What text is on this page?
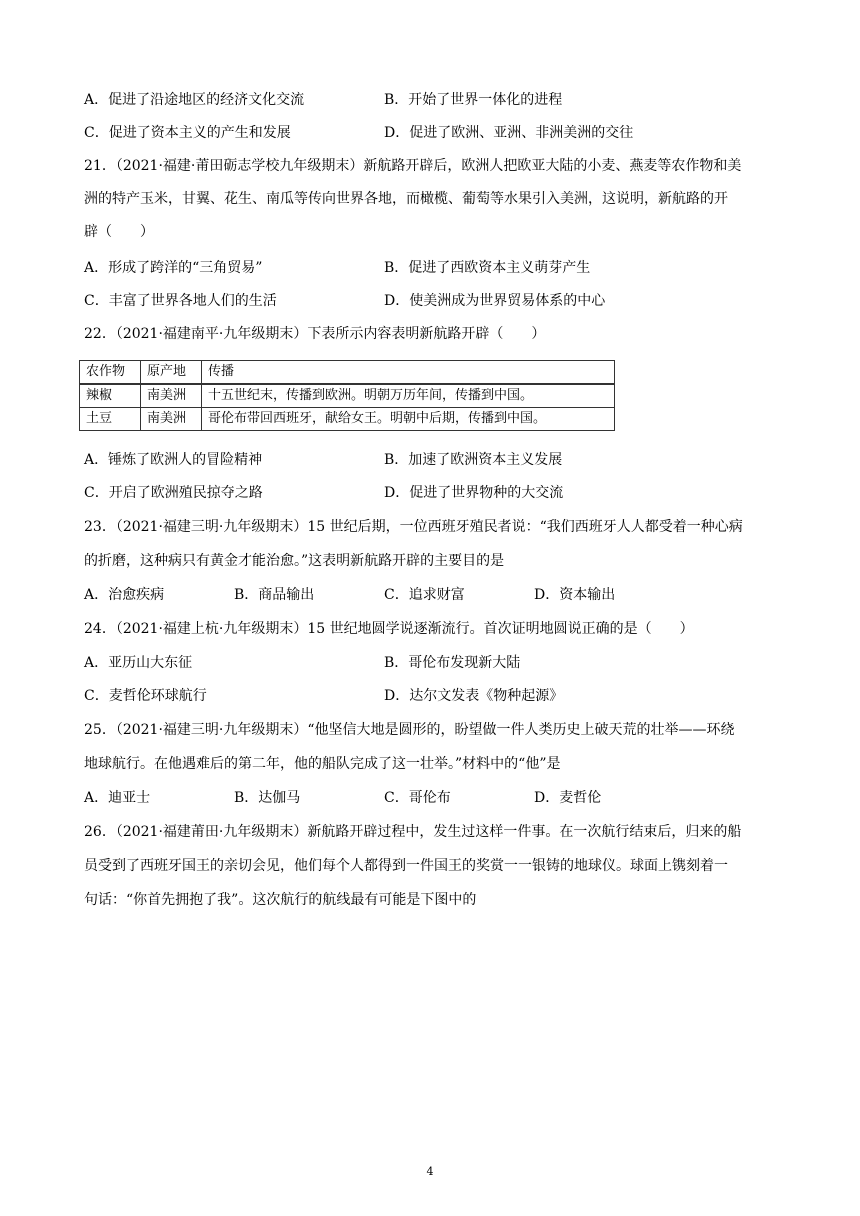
A．促进了沿途地区的经济文化交流	B．开始了世界一体化的进程
C．促进了资本主义的产生和发展	D．促进了欧洲、亚洲、非洲美洲的交往
21．（2021·福建·莆田砺志学校九年级期末）新航路开辟后，欧洲人把欧亚大陆的小麦、燕麦等农作物和美
洲的特产玉米，甘翼、花生、南瓜等传向世界各地，而橄榄、葡萄等水果引入美洲，这说明，新航路的开
辟（　　）
A．形成了跨洋的“三角贸易”	B．促进了西欧资本主义萌芽产生
C．丰富了世界各地人们的生活	D．使美洲成为世界贸易体系的中心
22．（2021·福建南平·九年级期末）下表所示内容表明新航路开辟（　　）
农作物	原产地	传播
辣椒	南美洲	十五世纪末，传播到欧洲。明朝万历年间，传播到中国。
土豆	南美洲	哥伦布带回西班牙，献给女王。明朝中后期，传播到中国。
A．锤炼了欧洲人的冒险精神	B．加速了欧洲资本主义发展
C．开启了欧洲殖民掠夺之路	D．促进了世界物种的大交流
23．（2021·福建三明·九年级期末）15 世纪后期，一位西班牙殖民者说：“我们西班牙人人都受着一种心病
的折磨，这种病只有黄金才能治愈。”这表明新航路开辟的主要目的是
A．治愈疾病	B．商品输出	C．追求财富	D．资本输出
24．（2021·福建上杭·九年级期末）15 世纪地圆学说逐渐流行。首次证明地圆说正确的是（　　）
A．亚历山大东征	B．哥伦布发现新大陆
C．麦哲伦环球航行	D．达尔文发表《物种起源》
25．（2021·福建三明·九年级期末）“他坚信大地是圆形的，盼望做一件人类历史上破天荒的壮举——环绕
地球航行。在他遇难后的第二年，他的船队完成了这一壮举。”材料中的“他”是
A．迪亚士	B．达伽马	C．哥伦布	D．麦哲伦
26．（2021·福建莆田·九年级期末）新航路开辟过程中，发生过这样一件事。在一次航行结束后，归来的船
员受到了西班牙国王的亲切会见，他们每个人都得到一件国王的奖赏一一银铸的地球仪。球面上镌刻着一
句话：“你首先拥抱了我”。这次航行的航线最有可能是下图中的
4
